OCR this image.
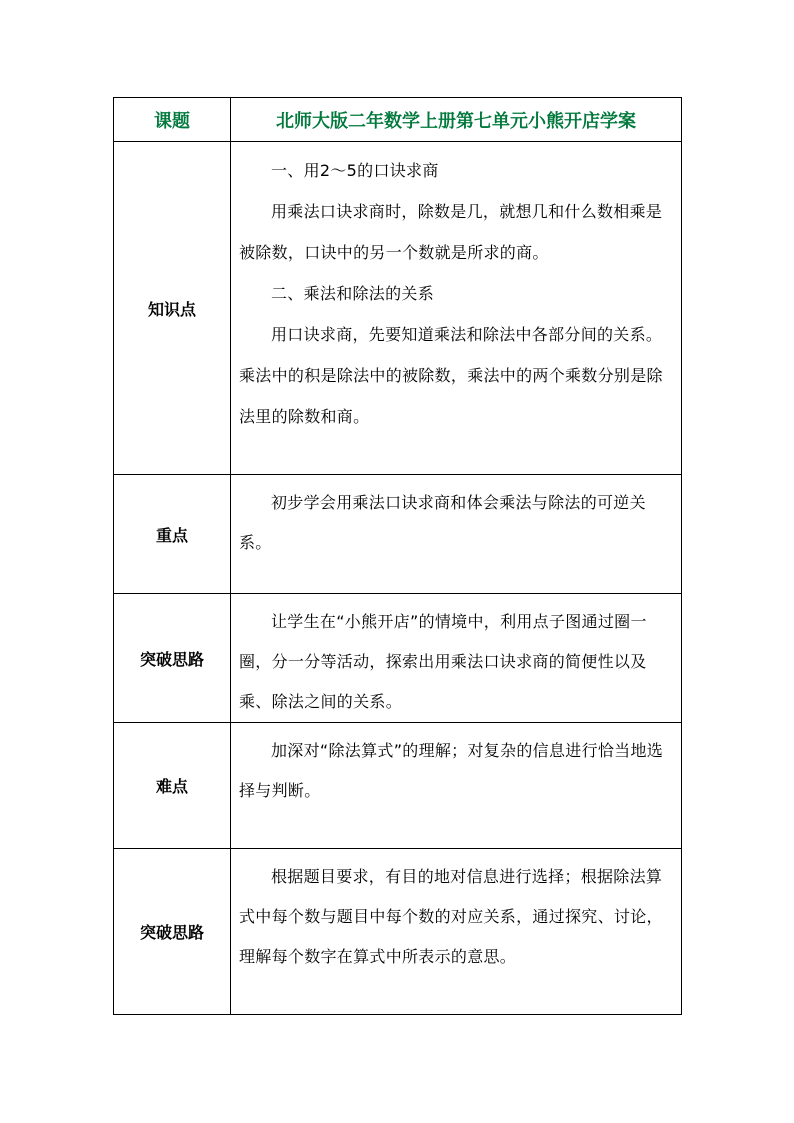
课题	北师大版二年数学上册第七单元小熊开店学案
知识点	一、用2～5的口诀求商

用乘法口诀求商时，除数是几，就想几和什么数相乘是被除数，口诀中的另一个数就是所求的商。

二、乘法和除法的关系

用口诀求商，先要知道乘法和除法中各部分间的关系。乘法中的积是除法中的被除数，乘法中的两个乘数分别是除法里的除数和商。

重点	初步学会用乘法口诀求商和体会乘法与除法的可逆关系。

突破思路	让学生在“小熊开店”的情境中，利用点子图通过圈一圈，分一分等活动，探索出用乘法口诀求商的简便性以及乘、除法之间的关系。

难点	加深对“除法算式”的理解；对复杂的信息进行恰当地选择与判断。

突破思路	根据题目要求，有目的地对信息进行选择；根据除法算式中每个数与题目中每个数的对应关系，通过探究、讨论，理解每个数字在算式中所表示的意思。
